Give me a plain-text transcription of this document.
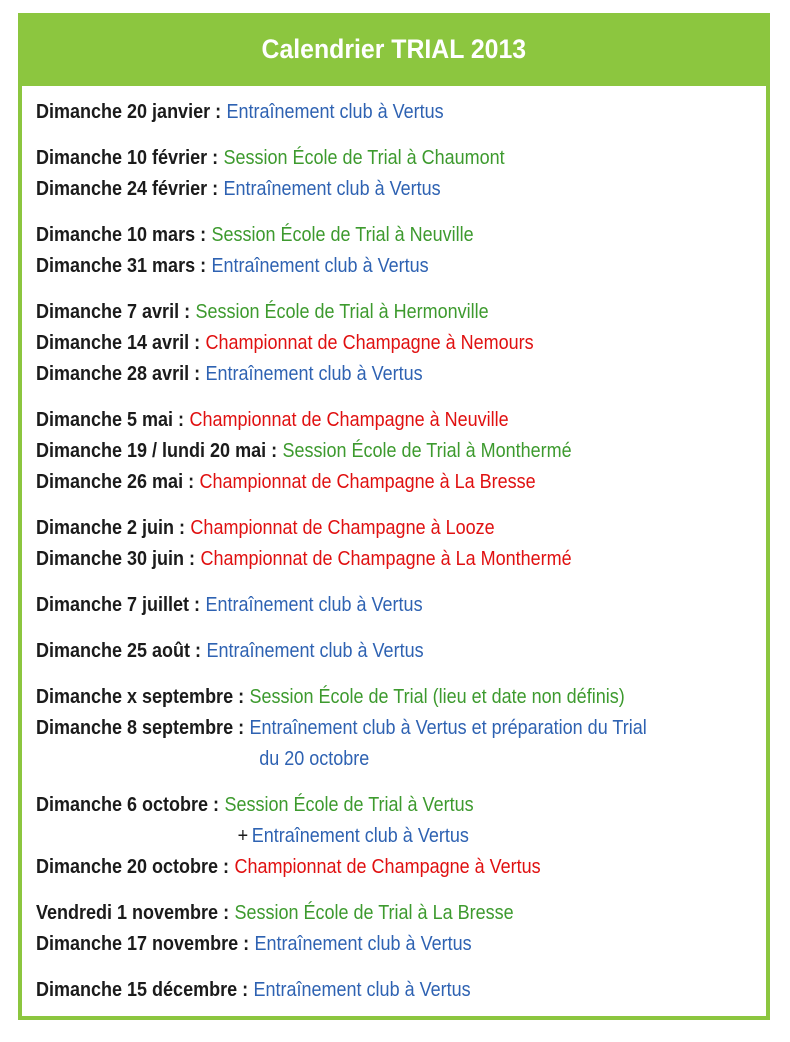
Calendrier TRIAL 2013
Dimanche 20 janvier : Entraînement club à Vertus
Dimanche 10 février : Session École de Trial à Chaumont
Dimanche 24 février : Entraînement club à Vertus
Dimanche 10 mars : Session École de Trial à Neuville
Dimanche 31 mars : Entraînement club à Vertus
Dimanche 7 avril : Session École de Trial à Hermonville
Dimanche 14 avril : Championnat de Champagne à Nemours
Dimanche 28 avril : Entraînement club à Vertus
Dimanche 5 mai : Championnat de Champagne à Neuville
Dimanche 19 / lundi 20 mai : Session École de Trial à Monthermé
Dimanche 26 mai : Championnat de Champagne à La Bresse
Dimanche 2 juin : Championnat de Champagne à Looze
Dimanche 30 juin : Championnat de Champagne à La Monthermé
Dimanche 7 juillet : Entraînement club à Vertus
Dimanche 25 août : Entraînement club à Vertus
Dimanche x septembre : Session École de Trial (lieu et date non définis)
Dimanche 8 septembre : Entraînement club à Vertus et préparation du Trial
du 20 octobre
Dimanche 6 octobre : Session École de Trial à Vertus
+ Entraînement club à Vertus
Dimanche 20 octobre : Championnat de Champagne à Vertus
Vendredi 1 novembre : Session École de Trial à La Bresse
Dimanche 17 novembre : Entraînement club à Vertus
Dimanche 15 décembre : Entraînement club à Vertus
